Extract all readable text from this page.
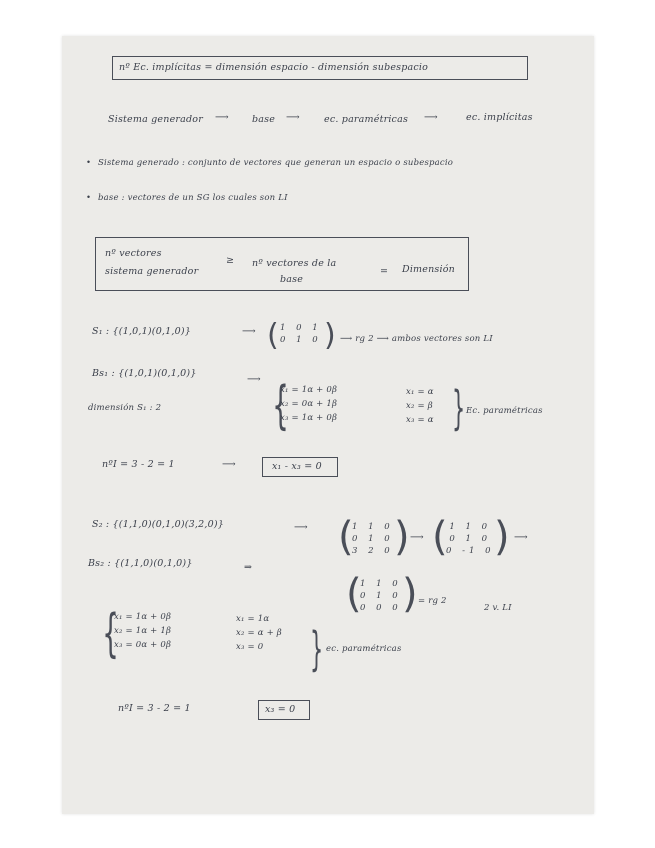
nº Ec. implícitas = dimensión espacio - dimensión subespacio
Sistema generador ⟶ base ⟶	ec. paramétricas ⟶	ec. implícitas
• Sistema generado : conjunto de vectores que generan un espacio o subespacio
• base : vectores de un SG los cuales son LI
nº vectores
sistema generador
≥ nº vectores de la
base
= Dimensión
S₁ : {(1,0,1)(0,1,0)}	⟶ ( 1 0 1
0 1 0 ) ⟶ rg 2 ⟶ ambos vectores son LI
Bs₁ : {(1,0,1)(0,1,0)}
⟶
dimensión S₁ : 2 {
x₁ = 1α + 0β
x₂ = 0α + 1β
x₃ = 1α + 0β
x₁ = α
x₂ = β
x₃ = α } Ec. paramétricas
nºI = 3 - 2 = 1	⟶	x₁ - x₃ = 0
S₂ : {(1,1,0)(0,1,0)(3,2,0)}	⟶ (
1 1 0
0 1 0
3 2 0 ) ⟶ ( 1 1 0
0 1 0
0 -1 0 ) ⟶
Bs₂ : {(1,1,0)(0,1,0)}	⇒
(
1 1 0
0 1 0
0 0 0 ) = rg 2
2 v. LI
{
x₁ = 1α + 0β
x₂ = 1α + 1β
x₃ = 0α + 0β
x₁ = 1α
x₂ = α + β
x₃ = 0	} ec. paramétricas
nºI = 3 - 2 = 1	x₃ = 0
